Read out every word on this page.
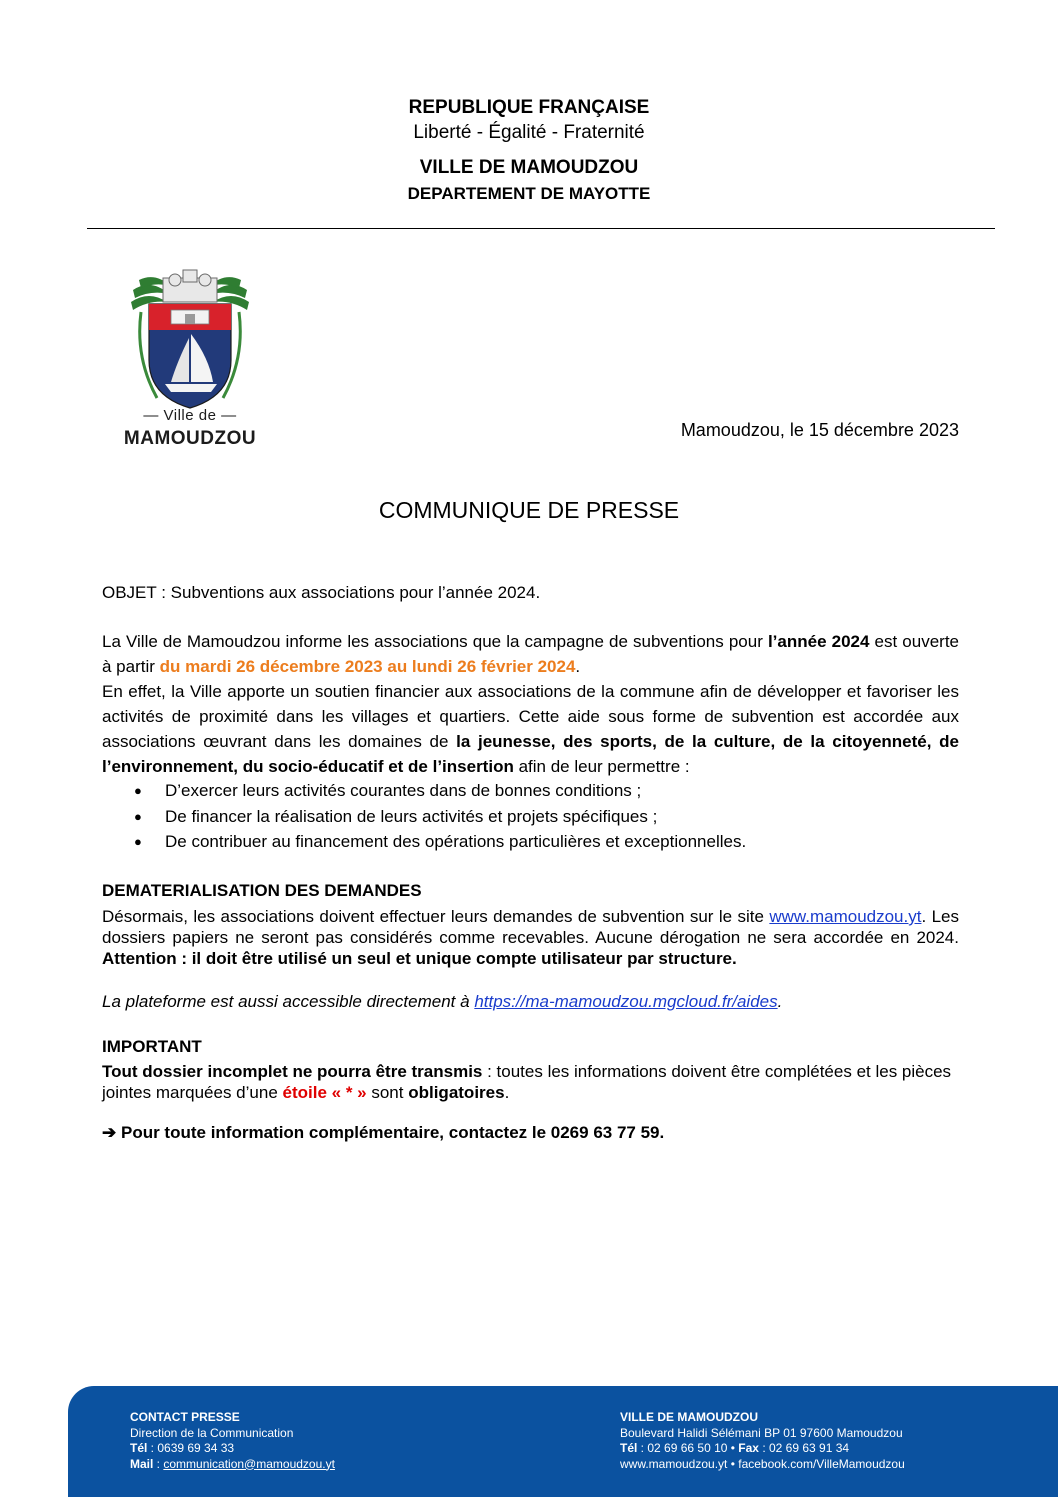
REPUBLIQUE FRANÇAISE
Liberté - Égalité - Fraternité
VILLE DE MAMOUDZOU
DEPARTEMENT DE MAYOTTE
— Ville de —
MAMOUDZOU	Mamoudzou, le 15 décembre 2023
COMMUNIQUE DE PRESSE
OBJET : Subventions aux associations pour l’année 2024.
La Ville de Mamoudzou informe les associations que la campagne de subventions pour l’année 2024 est ouverte à partir du mardi 26 décembre 2023 au lundi 26 février 2024.
En effet, la Ville apporte un soutien financier aux associations de la commune afin de développer et favoriser les activités de proximité dans les villages et quartiers. Cette aide sous forme de subvention est accordée aux associations œuvrant dans les domaines de la jeunesse, des sports, de la culture, de la citoyenneté, de l’environnement, du socio-éducatif et de l’insertion afin de leur permettre :
● D’exercer leurs activités courantes dans de bonnes conditions ;
● De financer la réalisation de leurs activités et projets spécifiques ;
● De contribuer au financement des opérations particulières et exceptionnelles.
DEMATERIALISATION DES DEMANDES
Désormais, les associations doivent effectuer leurs demandes de subvention sur le site www.mamoudzou.yt. Les dossiers papiers ne seront pas considérés comme recevables. Aucune dérogation ne sera accordée en 2024. Attention : il doit être utilisé un seul et unique compte utilisateur par structure.
La plateforme est aussi accessible directement à https://ma-mamoudzou.mgcloud.fr/aides.
IMPORTANT
Tout dossier incomplet ne pourra être transmis : toutes les informations doivent être complétées et les pièces jointes marquées d’une étoile « * » sont obligatoires.
➔ Pour toute information complémentaire, contactez le 0269 63 77 59.
CONTACT PRESSE
Direction de la Communication
Tél : 0639 69 34 33
Mail : communication@mamoudzou.yt
VILLE DE MAMOUDZOU
Boulevard Halidi Sélémani BP 01 97600 Mamoudzou
Tél : 02 69 66 50 10 • Fax : 02 69 63 91 34
www.mamoudzou.yt • facebook.com/VilleMamoudzou
